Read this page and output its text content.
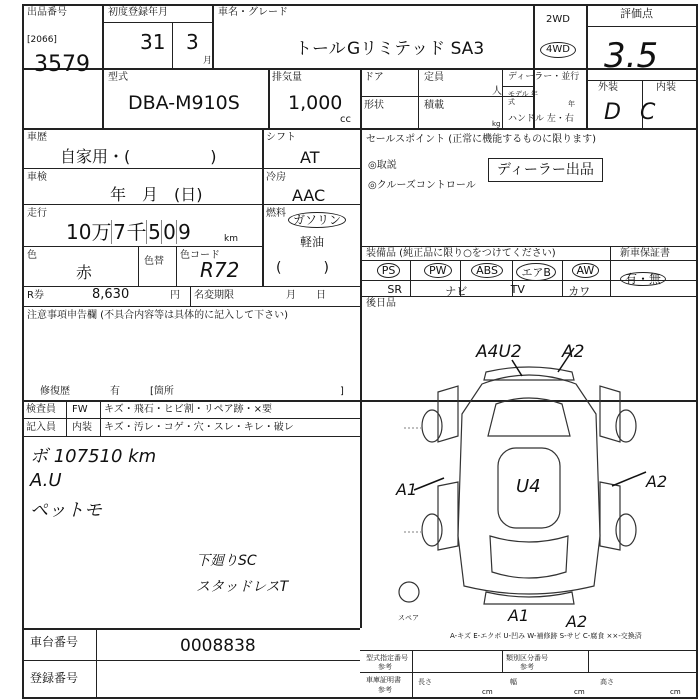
出品番号
[2066]
3579
初度登録年月
31 3
月
車名・グレード
トール Gリミテッド SA3
2WD
4WD
評価点
3.5
外装	内装
D C
型式
DBA-M910S
排気量
1,000
cc
ドア	定員
人
ディーラー・並行
形状	積載
kg
モデル 年式	年
ハンドル 左・右
車歴
自家用・(　　　　　)
車検
年　月　(日)
走行
10万7千5 0 9	km
色
赤
色替
色コード
R72
シフト
AT
冷房
AAC
燃料 ガソリン
軽油
(　　　)
R券	8,630	円 名変期限	月　　日
セールスポイント (正常に機能するものに限ります)
◎取説
◎クルーズコントロール
ディーラー出品
装備品 (純正品に限り○をつけてください)	新車保証書
PS	PW	ABS	エアB	AW
SR	ナビ	TV	カワ
有・無
後日品
注意事項申告欄 (不具合内容等は具体的に記入して下さい)
修復歴	有	[箇所	]
検査員
記入員
FW
内装
キズ・飛石・ヒビ割・リペア跡・×要
キズ・汚レ・コゲ・穴・スレ・キレ・破レ
ボ 107510 km
A.U
ペットモ
下廻りSC
スタッドレスT
A4U2 A2
A1	A2
U4
A1 A2
スペア
A-キズ E-エクボ U-凹み W-補修跡 S-サビ C-腐食 ××-交換済
車台番号	0008838
登録番号
型式指定番号
参考
類別区分番号
参考
車庫証明書
参考
長さ
cm
幅
cm
高さ
cm
